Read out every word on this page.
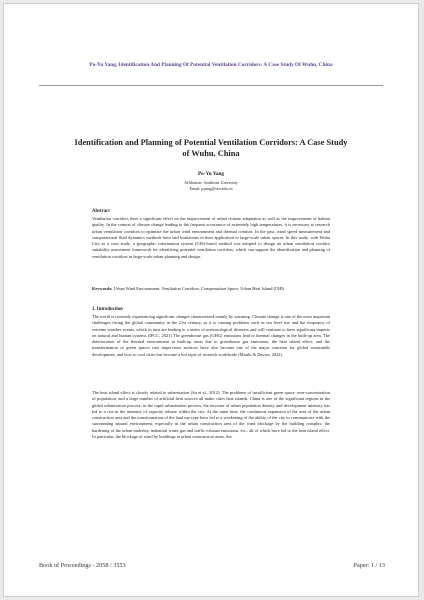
Po-Yu Yang, Identification And Planning Of Potential Ventilation Corridors: A Case Study Of Wuhu, China
Identification and Planning of Potential Ventilation Corridors: A Case Study of Wuhu, China
Po-Yu Yang
Affiliation: Southeast University
Email: pyang@seu.edu.cn
Abstract
Ventilation corridors have a significant effect on the improvement of urban climate adaptation as well as the improvement of habitat quality. In the context of climate change leading to the frequent occurrence of extremely high temperatures, it is necessary to research urban ventilation corridors to optimize the urban wind environment and thermal comfort. In the past, wind speed measurement and computational fluid dynamics methods have had limitations in their application to large-scale urban spaces. In this study, with Wuhu City as a case study, a geographic information system (GIS)-based method was adopted to design an urban ventilation corridor suitability assessment framework for identifying potential ventilation corridors, which can support the identification and planning of ventilation corridors in large-scale urban planning and design.
Keywords: Urban Wind Environment; Ventilation Corridors; Compensation Space; Urban Heat Island (UHI)
1. Introduction
The world is currently experiencing significant changes characterized mainly by warming. Climate change is one of the most important challenges facing the global community in the 21st century, as it is causing problems such as sea level rise and the frequency of extreme weather events, which in turn are leading to a series of meteorological disasters and will continue to have significant impacts on natural and human systems (IPCC, 2021) The greenhouse gas (GHG) emissions lead to thermal changes in the built-up area. The deterioration of the thermal environment in built-up areas due to greenhouse gas emissions, the heat island effect, and the transformation of green spaces into impervious surfaces have also become one of the major concerns for global sustainable development, and how to cool cities has become a hot topic of research worldwide (Mirabi & Davies, 2022).
The heat island effect is closely related to urbanisation (Su et al., 2012). The problems of insufficient green space, over-concentration of population, and a large number of artificial heat sources all make cities heat islands. China is one of the significant regions in the global urbanisation process; in the rapid urbanisation process, the increase of urban population density and development intensity has led to a rise in the intensity of capacity release within the city. At the same time, the continuous expansion of the area of the urban construction area and the transformation of the land use type have led to a weakening of the ability of the city to communicate with the surrounding natural environment, especially in the urban construction area of the wind blockage by the building complex, the hardening of the urban underlay, industrial waste gas and traffic exhaust emissions, etc., all of which have led to the heat island effect. In particular, the blockage of wind by buildings in urban construction areas, the
Book of Proceedings - 2058 / 3553	Paper: 1 / 13
